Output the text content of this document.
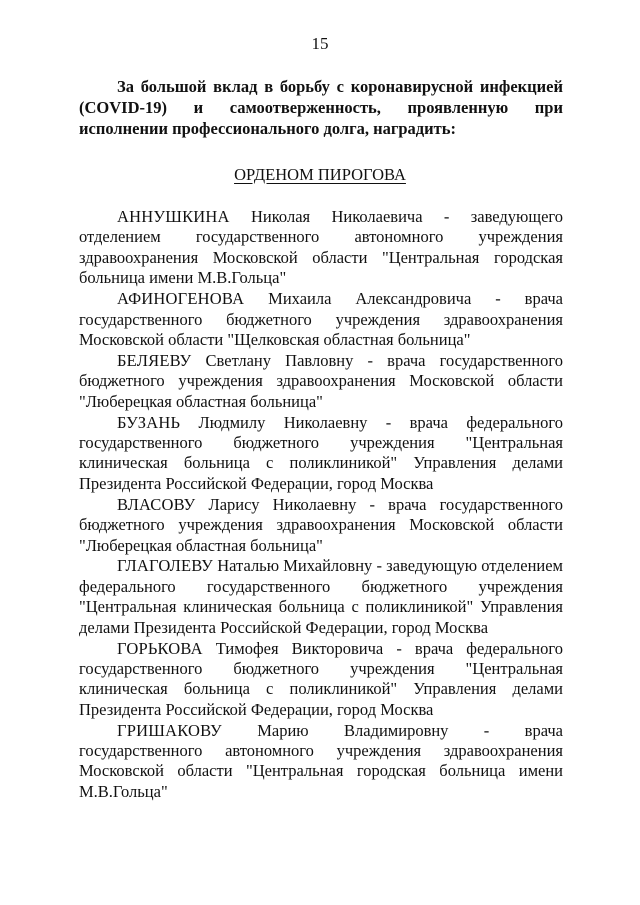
15

За большой вклад в борьбу с коронавирусной инфекцией (COVID-19) и самоотверженность, проявленную при исполнении профессионального долга, наградить:

ОРДЕНОМ ПИРОГОВА
АННУШКИНА Николая Николаевича - заведующего отделением государственного автономного учреждения здравоохранения Московской области "Центральная городская больница имени М.В.Гольца"
АФИНОГЕНОВА Михаила Александровича - врача государственного бюджетного учреждения здравоохранения Московской области "Щелковская областная больница"
БЕЛЯЕВУ Светлану Павловну - врача государственного бюджетного учреждения здравоохранения Московской области "Люберецкая областная больница"
БУЗАНЬ Людмилу Николаевну - врача федерального государственного бюджетного учреждения "Центральная клиническая больница с поликлиникой" Управления делами Президента Российской Федерации, город Москва
ВЛАСОВУ Ларису Николаевну - врача государственного бюджетного учреждения здравоохранения Московской области "Люберецкая областная больница"
ГЛАГОЛЕВУ Наталью Михайловну - заведующую отделением федерального государственного бюджетного учреждения "Центральная клиническая больница с поликлиникой" Управления делами Президента Российской Федерации, город Москва
ГОРЬКОВА Тимофея Викторовича - врача федерального государственного бюджетного учреждения "Центральная клиническая больница с поликлиникой" Управления делами Президента Российской Федерации, город Москва
ГРИШАКОВУ Марию Владимировну - врача государственного автономного учреждения здравоохранения Московской области "Центральная городская больница имени М.В.Гольца"
